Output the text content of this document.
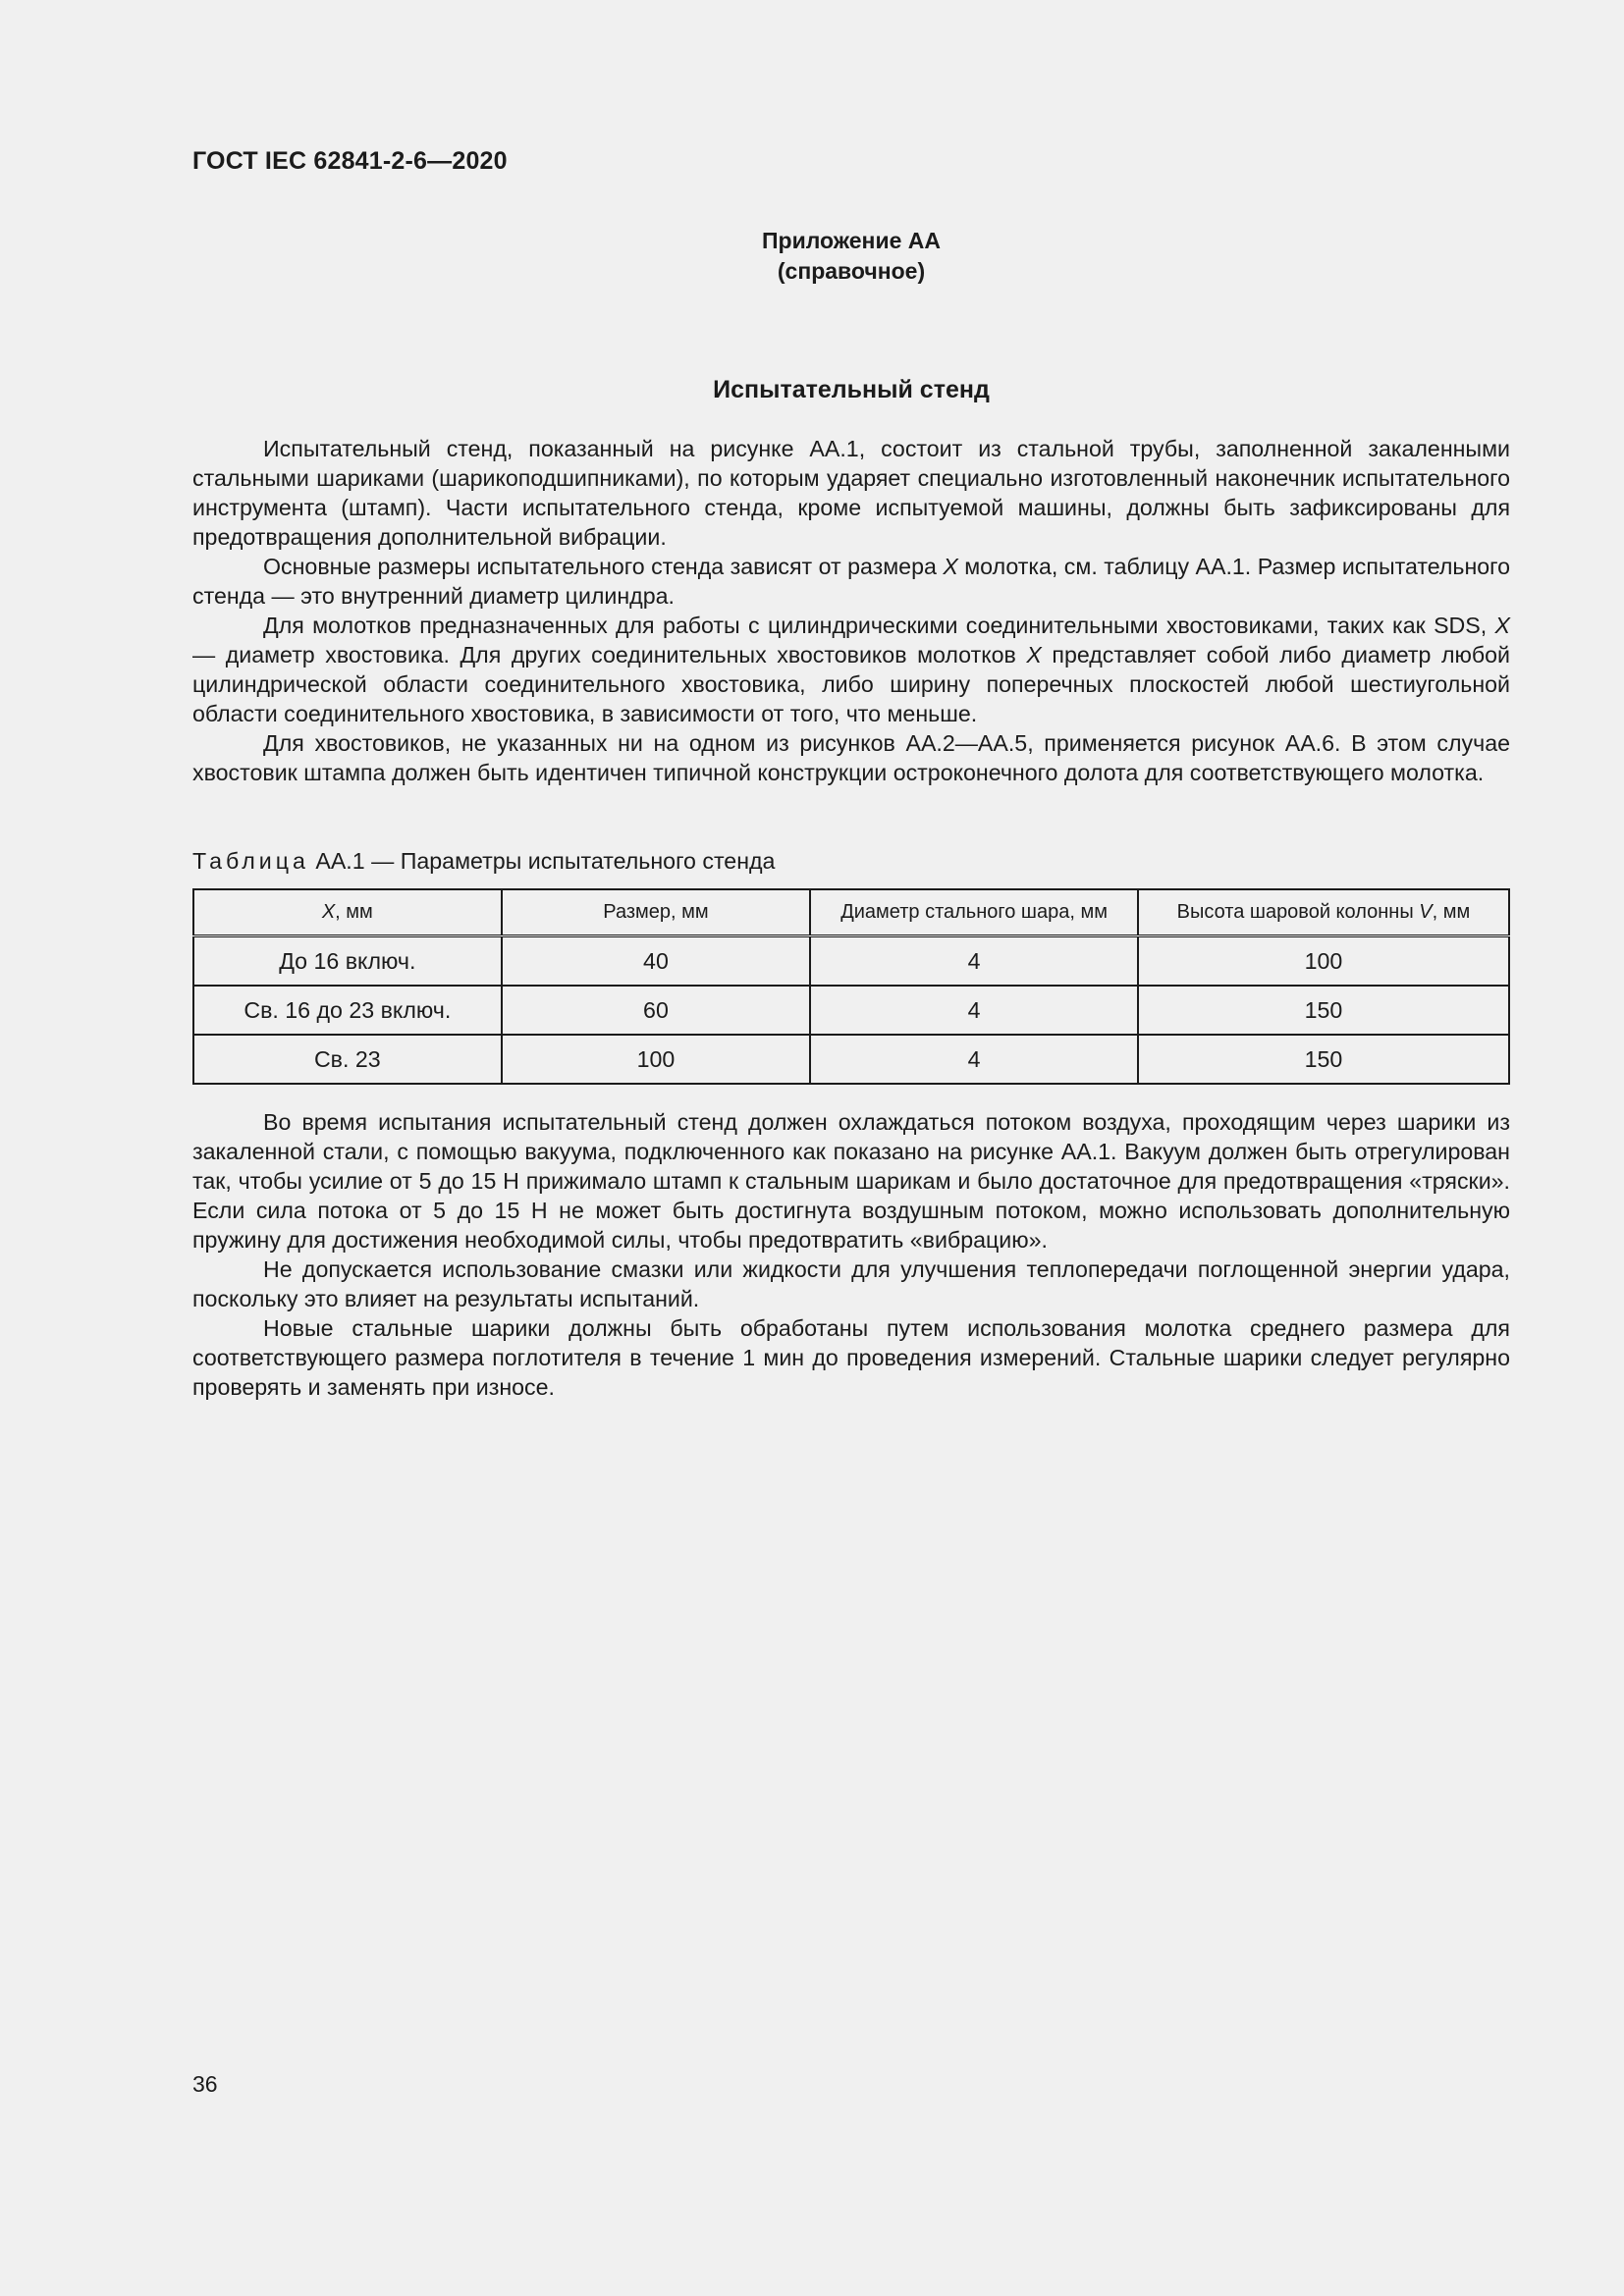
ГОСТ IEC 62841-2-6—2020
Приложение АА
(справочное)
Испытательный стенд

Испытательный стенд, показанный на рисунке АА.1, состоит из стальной трубы, заполненной закаленными стальными шариками (шарикоподшипниками), по которым ударяет специально изготовленный наконечник испытательного инструмента (штамп). Части испытательного стенда, кроме испытуемой машины, должны быть зафиксированы для предотвращения дополнительной вибрации.

Основные размеры испытательного стенда зависят от размера X молотка, см. таблицу АА.1. Размер испытательного стенда — это внутренний диаметр цилиндра.

Для молотков предназначенных для работы с цилиндрическими соединительными хвостовиками, таких как SDS, X — диаметр хвостовика. Для других соединительных хвостовиков молотков X представляет собой либо диаметр любой цилиндрической области соединительного хвостовика, либо ширину поперечных плоскостей любой шестиугольной области соединительного хвостовика, в зависимости от того, что меньше.

Для хвостовиков, не указанных ни на одном из рисунков АА.2—АА.5, применяется рисунок АА.6. В этом случае хвостовик штампа должен быть идентичен типичной конструкции остроконечного долота для соответствующего молотка.

Таблица АА.1 — Параметры испытательного стенда
X, мм	Размер, мм	Диаметр стального шара, мм	Высота шаровой колонны V, мм
До 16 включ.	40	4	100
Св. 16 до 23 включ.	60	4	150
Св. 23	100	4	150

Во время испытания испытательный стенд должен охлаждаться потоком воздуха, проходящим через шарики из закаленной стали, с помощью вакуума, подключенного как показано на рисунке АА.1. Вакуум должен быть отрегулирован так, чтобы усилие от 5 до 15 Н прижимало штамп к стальным шарикам и было достаточное для предотвращения «тряски». Если сила потока от 5 до 15 Н не может быть достигнута воздушным потоком, можно использовать дополнительную пружину для достижения необходимой силы, чтобы предотвратить «вибрацию».

Не допускается использование смазки или жидкости для улучшения теплопередачи поглощенной энергии удара, поскольку это влияет на результаты испытаний.

Новые стальные шарики должны быть обработаны путем использования молотка среднего размера для соответствующего размера поглотителя в течение 1 мин до проведения измерений. Стальные шарики следует регулярно проверять и заменять при износе.

36
